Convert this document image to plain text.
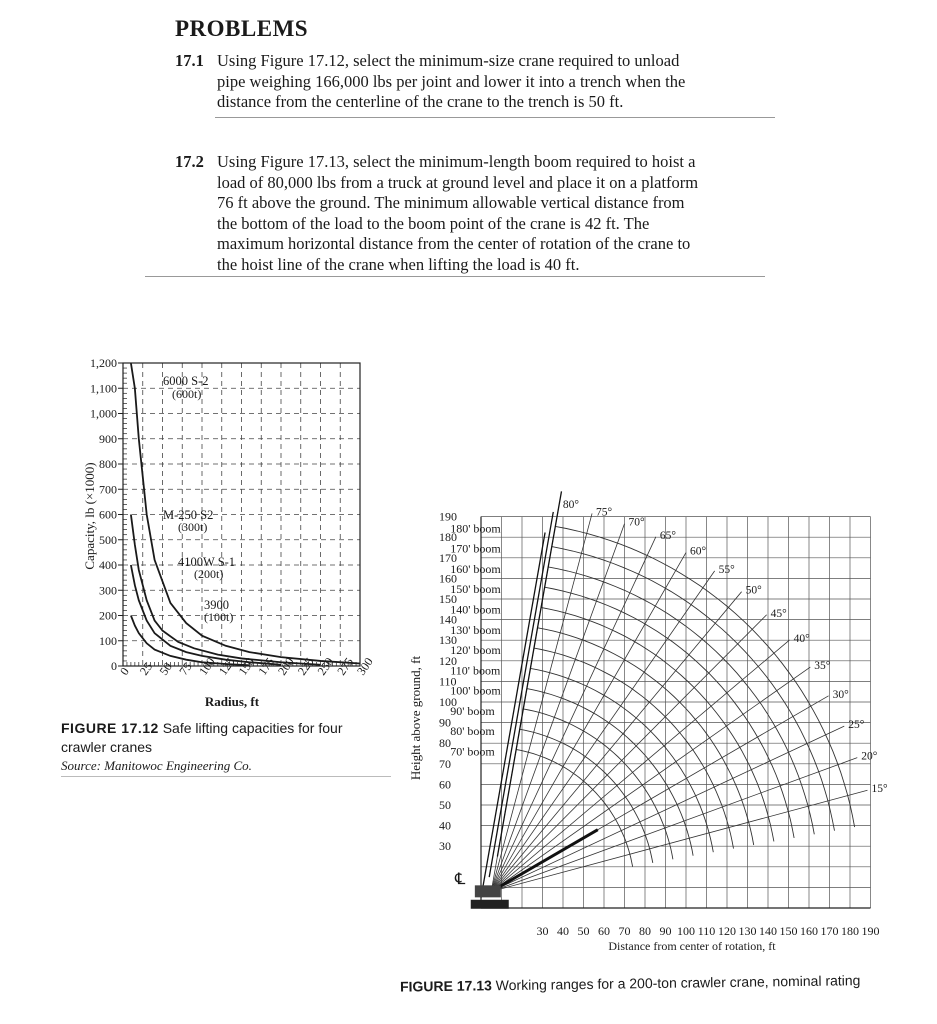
PROBLEMS
17.1 Using Figure 17.12, select the minimum-size crane required to unload
pipe weighing 166,000 lbs per joint and lower it into a trench when the
distance from the centerline of the crane to the trench is 50 ft.
17.2 Using Figure 17.13, select the minimum-length boom required to hoist a
load of 80,000 lbs from a truck at ground level and place it on a platform
76 ft above the ground. The minimum allowable vertical distance from
the bottom of the load to the boom point of the crane is 42 ft. The
maximum horizontal distance from the center of rotation of the crane to
the hoist line of the crane when lifting the load is 40 ft.
6000 S-2
(600t)
M-250 S2
(300t)
4100W S-1
(200t)
3900
(100t)
0
100
200
300
400
500
600
700
800
900
1,000
1,100
1,200
0 25 50 75 100
125
150
175
200
225
250
275
300
Radius, ft
Capacity, lb (×1000)
FIGURE 17.12 Safe lifting capacities for four crawler cranes
Source: Manitowoc Engineering Co.
30 40 50 60 70 80 90 100 110 120 130 140 150 160 170 180 190
30
40
50
60
70
80
90
100
110
120
130
140
150
160
170
180
190
180' boom
170' boom
160' boom
150' boom
140' boom
130' boom
120' boom
110' boom
100' boom
90' boom
80' boom
70' boom
80°
75°
70°
65°
60°
55°
50°
45°
40°
35°
30°
25°
20°
15°
Distance from center of rotation, ft
Height above ground, ft
℄
FIGURE 17.13 Working ranges for a 200-ton crawler crane, nominal rating
